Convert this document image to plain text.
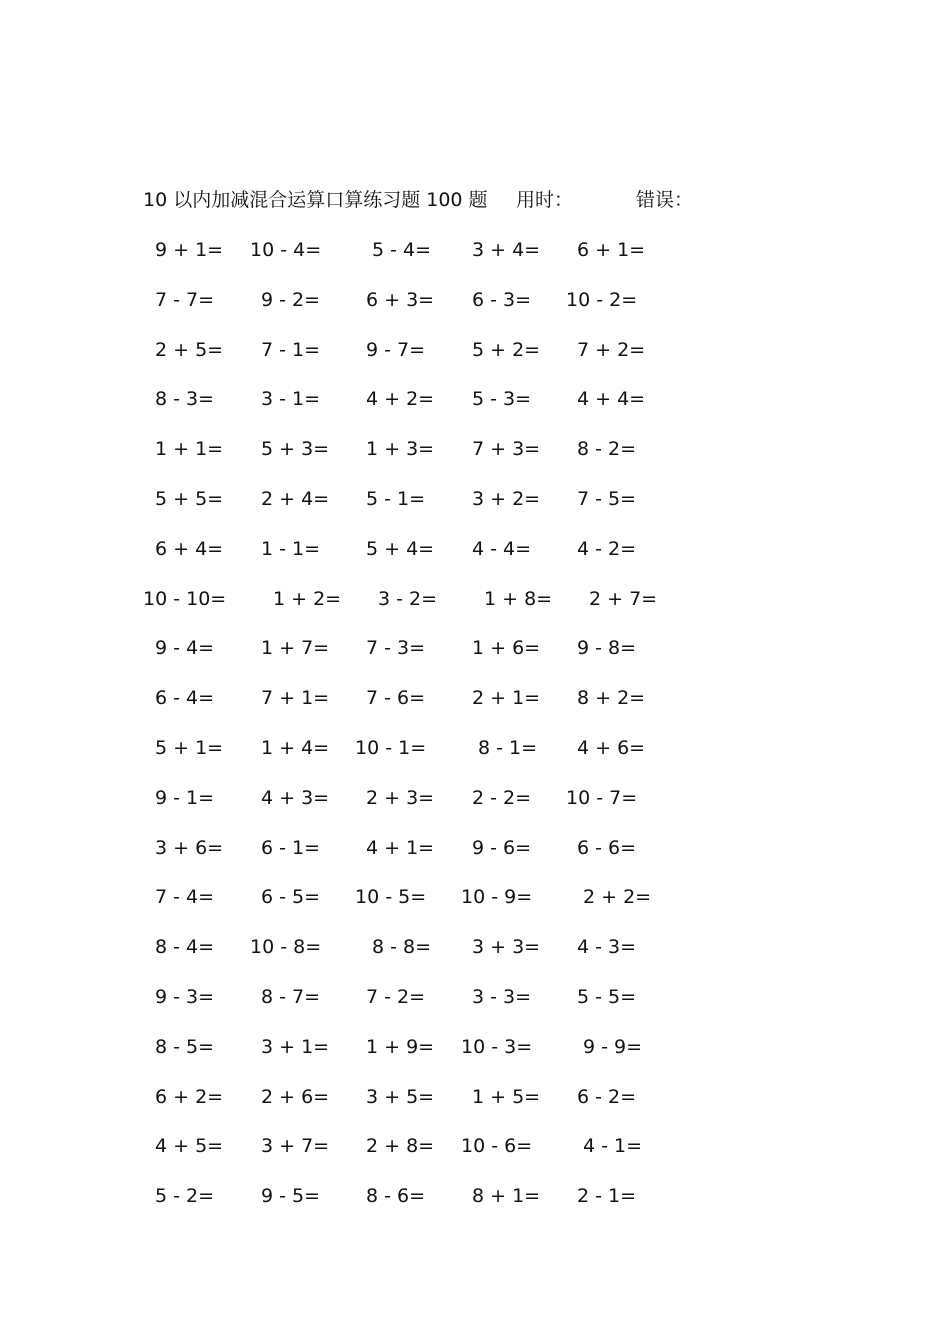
10 以内加减混合运算口算练习题 100 题 用时：	错误：
9 + 1= 10 - 4=	5 - 4= 3 + 4= 6 + 1=
7 - 7= 9 - 2= 6 + 3= 6 - 3= 10 - 2=
2 + 5= 7 - 1= 9 - 7= 5 + 2= 7 + 2=
8 - 3= 3 - 1= 4 + 2= 5 - 3= 4 + 4=
1 + 1= 5 + 3= 1 + 3= 7 + 3= 8 - 2=
5 + 5= 2 + 4= 5 - 1= 3 + 2= 7 - 5=
6 + 4= 1 - 1= 5 + 4= 4 - 4= 4 - 2=
10 - 10= 1 + 2= 3 - 2= 1 + 8= 2 + 7=
9 - 4= 1 + 7= 7 - 3= 1 + 6= 9 - 8=
6 - 4= 7 + 1= 7 - 6= 2 + 1= 8 + 2=
5 + 1= 1 + 4= 10 - 1=	8 - 1= 4 + 6=
9 - 1= 4 + 3= 2 + 3= 2 - 2= 10 - 7=
3 + 6= 6 - 1= 4 + 1= 9 - 6= 6 - 6=
7 - 4= 6 - 5= 10 - 5= 10 - 9=	2 + 2=
8 - 4= 10 - 8=	8 - 8= 3 + 3= 4 - 3=
9 - 3= 8 - 7= 7 - 2= 3 - 3= 5 - 5=
8 - 5= 3 + 1= 1 + 9= 10 - 3=	9 - 9=
6 + 2= 2 + 6= 3 + 5= 1 + 5= 6 - 2=
4 + 5= 3 + 7= 2 + 8= 10 - 6=	4 - 1=
5 - 2= 9 - 5= 8 - 6= 8 + 1= 2 - 1=
